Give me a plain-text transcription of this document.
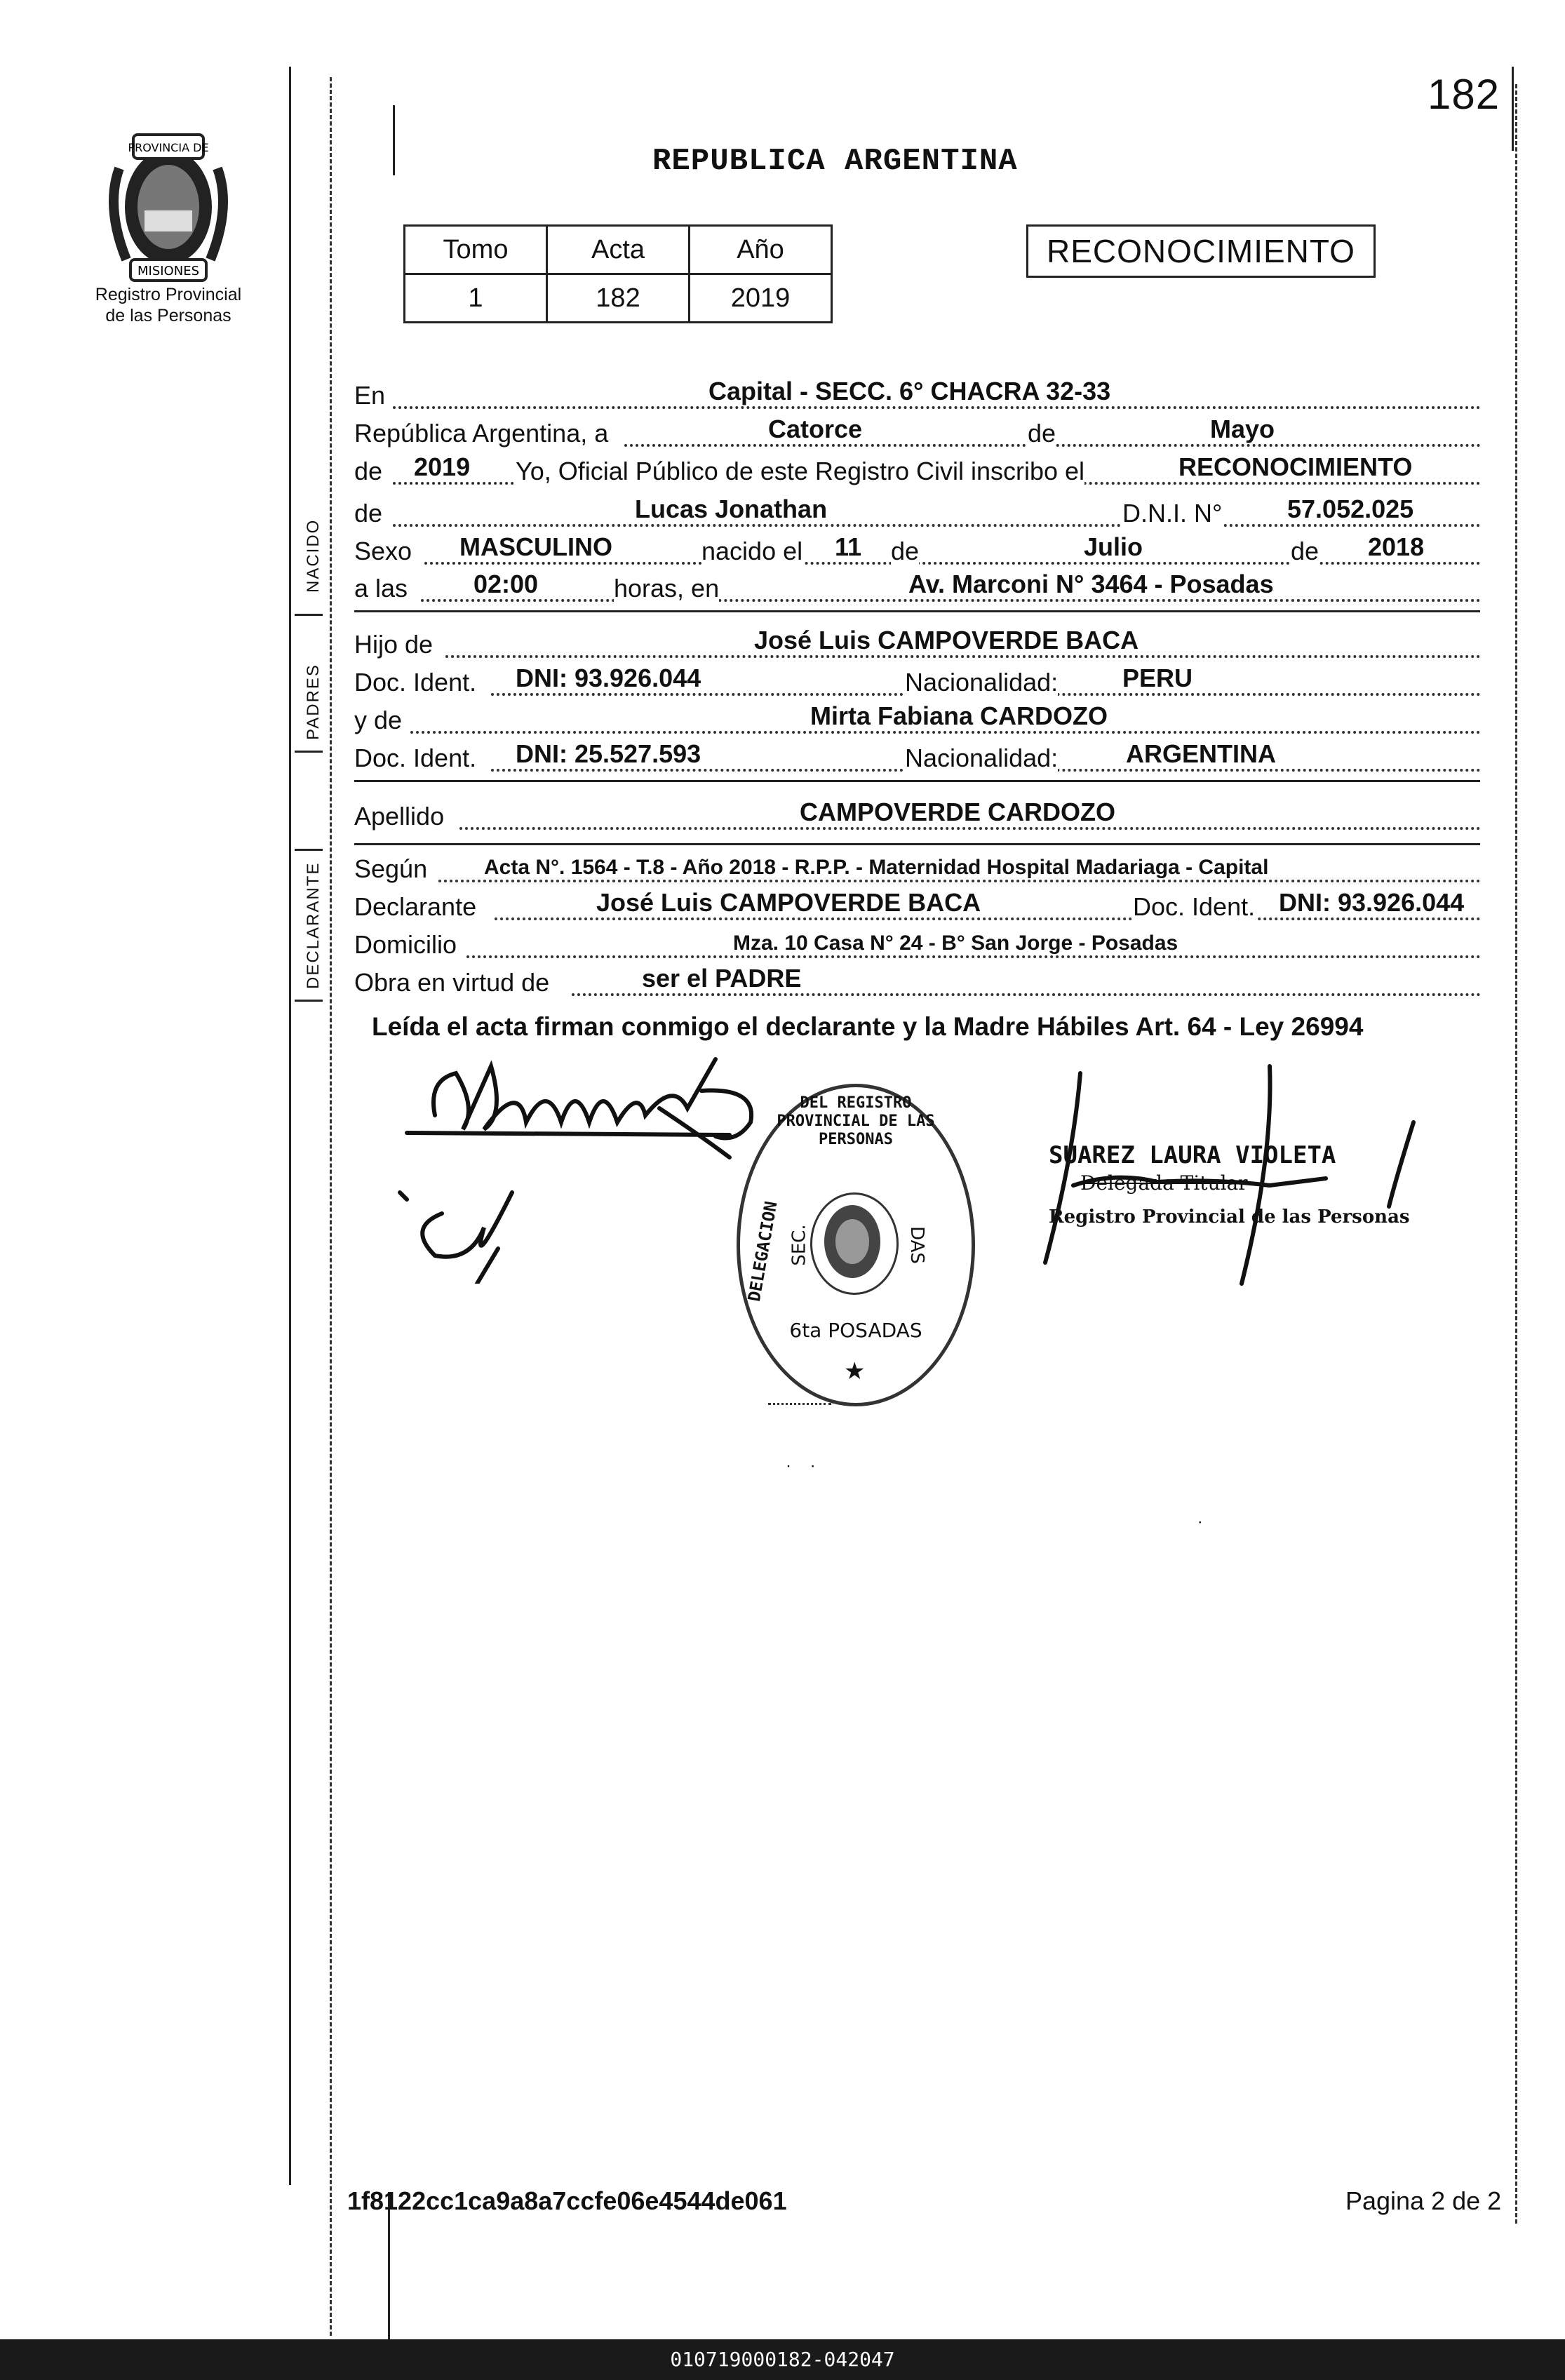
PROVINCIA DE
MISIONES
Registro Provincial
de las Personas
182
REPUBLICA ARGENTINA
Tomo	Acta	Año
1	182	2019
RECONOCIMIENTO
NACIDO
PADRES
DECLARANTE
En	Capital - SECC. 6° CHACRA 32-33
República Argentina, a	Catorce	de	Mayo
de 2019 Yo, Oficial Público de este Registro Civil inscribo el	RECONOCIMIENTO
de	Lucas Jonathan	D.N.I. N°	57.052.025
Sexo MASCULINO	nacido el 11 de	Julio	de 2018
a las	02:00	horas, en	Av. Marconi N° 3464 - Posadas
Hijo de	José Luis CAMPOVERDE BACA
Doc. Ident. DNI: 93.926.044	Nacionalidad:	PERU
y de	Mirta Fabiana CARDOZO
Doc. Ident. DNI: 25.527.593	Nacionalidad:	ARGENTINA
Apellido	CAMPOVERDE CARDOZO
Según	Acta N°. 1564 - T.8 - Año 2018 - R.P.P. - Maternidad Hospital Madariaga - Capital
Declarante	José Luis CAMPOVERDE BACA	Doc. Ident. DNI: 93.926.044
Domicilio	Mza. 10 Casa N° 24 - B° San Jorge - Posadas
Obra en virtud de	ser el PADRE
Leída el acta firman conmigo el declarante y la Madre Hábiles Art. 64 - Ley 26994
DEL REGISTRO PROVINCIAL DE LAS PERSONAS
DELEGACION SEC.	DAS
6ta POSADAS
★
SUAREZ LAURA VIOLETA
Delegada Titular
Registro Provincial de las Personas
·    ·

·
1f8122cc1ca9a8a7ccfe06e4544de061	Pagina 2 de 2
010719000182-042047
